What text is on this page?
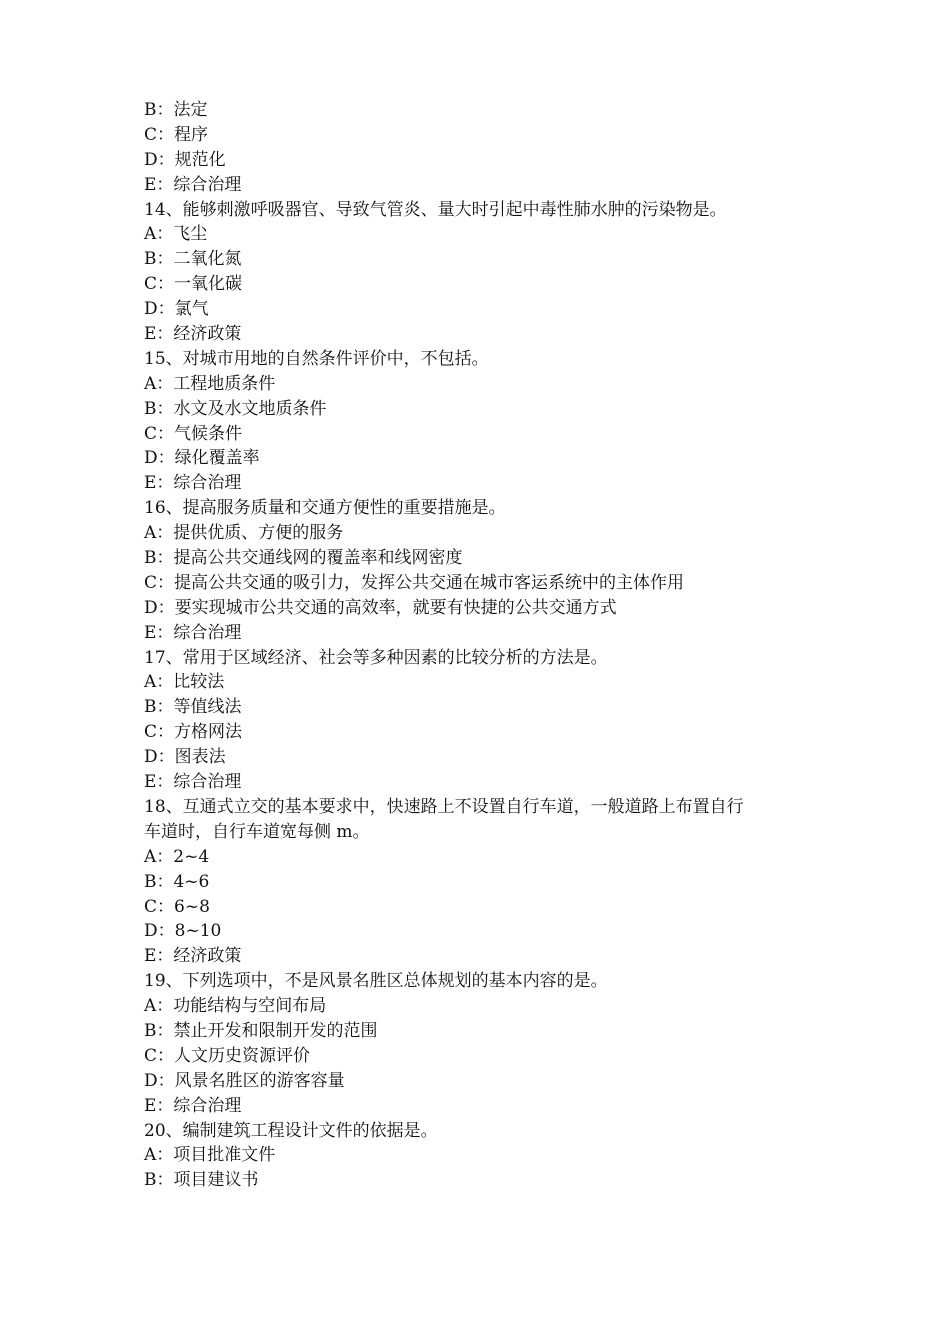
B：法定
C：程序
D：规范化
E：综合治理
14、能够刺激呼吸器官、导致气管炎、量大时引起中毒性肺水肿的污染物是。
A：飞尘
B：二氧化氮
C：一氧化碳
D：氯气
E：经济政策
15、对城市用地的自然条件评价中，不包括。
A：工程地质条件
B：水文及水文地质条件
C：气候条件
D：绿化覆盖率
E：综合治理
16、提高服务质量和交通方便性的重要措施是。
A：提供优质、方便的服务
B：提高公共交通线网的覆盖率和线网密度
C：提高公共交通的吸引力，发挥公共交通在城市客运系统中的主体作用
D：要实现城市公共交通的高效率，就要有快捷的公共交通方式
E：综合治理
17、常用于区域经济、社会等多种因素的比较分析的方法是。
A：比较法
B：等值线法
C：方格网法
D：图表法
E：综合治理
18、互通式立交的基本要求中，快速路上不设置自行车道，一般道路上布置自行
车道时，自行车道宽每侧 m。
A：2~4
B：4~6
C：6~8
D：8~10
E：经济政策
19、下列选项中，不是风景名胜区总体规划的基本内容的是。
A：功能结构与空间布局
B：禁止开发和限制开发的范围
C：人文历史资源评价
D：风景名胜区的游客容量
E：综合治理
20、编制建筑工程设计文件的依据是。
A：项目批准文件
B：项目建议书
